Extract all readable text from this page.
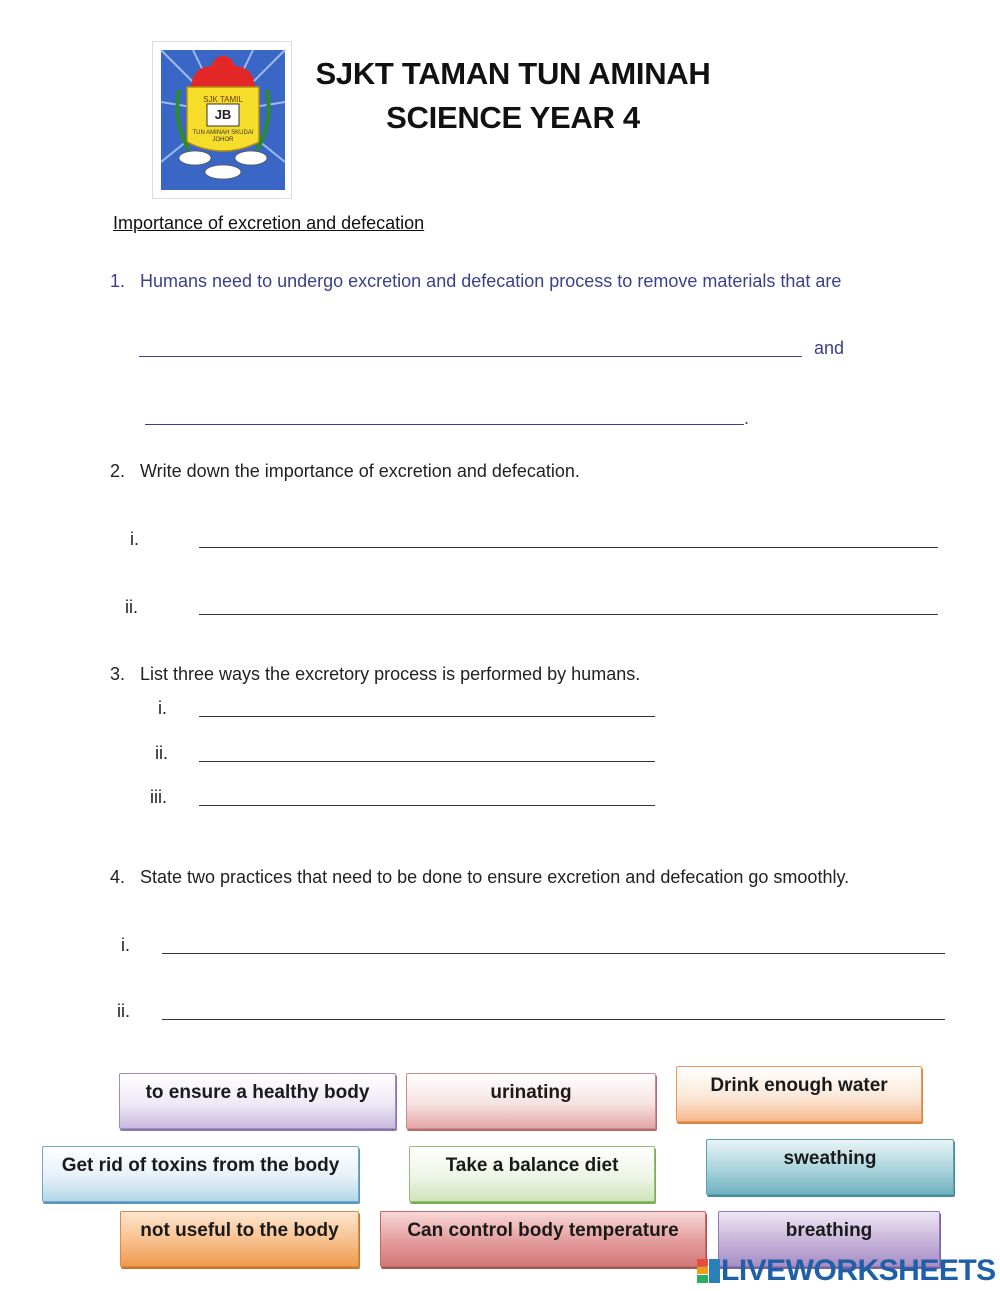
SJK TAMIL
JB
TUN AMINAH SKUDAI JOHOR
SJKT TAMAN TUN AMINAH
SCIENCE YEAR 4
Importance of excretion and defecation
1. Humans need to undergo excretion and defecation process to remove materials that are
and
.
2. Write down the importance of excretion and defecation.
i.
ii.
3. List three ways the excretory process is performed by humans.
i.
ii.
iii.
4. State two practices that need to be done to ensure excretion and defecation go smoothly.
i.
ii.
to ensure a healthy body	urinating	Drink enough water
Get rid of toxins from the body	Take a balance diet	sweathing
not useful to the body	Can control body temperature	breathing
LIVEWORKSHEETS
